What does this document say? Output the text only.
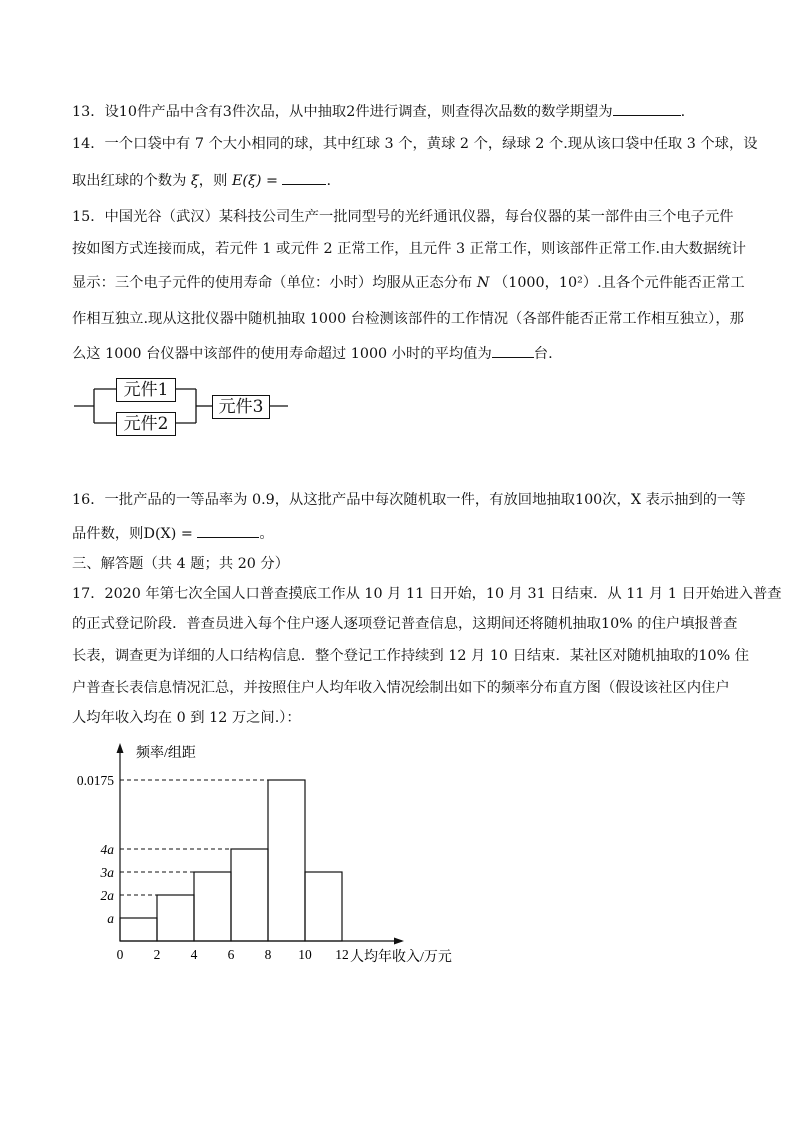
13．设10件产品中含有3件次品，从中抽取2件进行调查，则查得次品数的数学期望为	.
14．一个口袋中有 7 个大小相同的球，其中红球 3 个，黄球 2 个，绿球 2 个.现从该口袋中任取 3 个球，设
取出红球的个数为 ξ，则 E(ξ) =	.
15．中国光谷（武汉）某科技公司生产一批同型号的光纤通讯仪器，每台仪器的某一部件由三个电子元件
按如图方式连接而成，若元件 1 或元件 2 正常工作，且元件 3 正常工作，则该部件正常工作.由大数据统计
显示：三个电子元件的使用寿命（单位：小时）均服从正态分布 N （1000，10²）.且各个元件能否正常工
作相互独立.现从这批仪器中随机抽取 1000 台检测该部件的工作情况（各部件能否正常工作相互独立），那
么这 1000 台仪器中该部件的使用寿命超过 1000 小时的平均值为	台.
元件1
元件2
元件3
16．一批产品的一等品率为 0.9，从这批产品中每次随机取一件，有放回地抽取100次，X 表示抽到的一等
品件数，则D(X) =	。
三、解答题（共 4 题；共 20 分）
17．2020 年第七次全国人口普查摸底工作从 10 月 11 日开始，10 月 31 日结束．从 11 月 1 日开始进入普查
的正式登记阶段．普查员进入每个住户逐人逐项登记普查信息，这期间还将随机抽取10% 的住户填报普查
长表，调查更为详细的人口结构信息．整个登记工作持续到 12 月 10 日结束．某社区对随机抽取的10% 住
户普查长表信息情况汇总，并按照住户人均年收入情况绘制出如下的频率分布直方图（假设该社区内住户
人均年收入均在 0 到 12 万之间.）：
频率/组距
人均年收入/万元
a
2a
3a
4a
0.0175
0 2 4 6 8 10 12
